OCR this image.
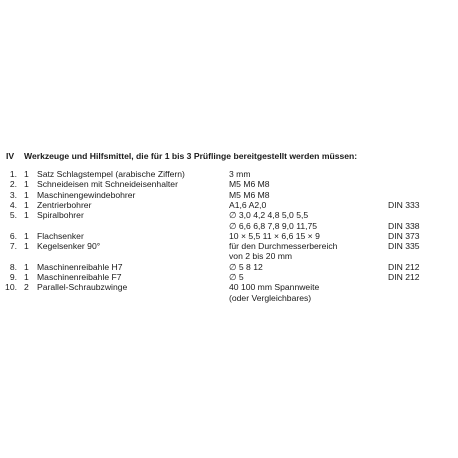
IV Werkzeuge und Hilfsmittel, die für 1 bis 3 Prüflinge bereitgestellt werden müssen:
1. 1 Satz Schlagstempel (arabische Ziffern)	3 mm
2. 1 Schneideisen mit Schneideisenhalter	M5 M6 M8
3. 1 Maschinengewindebohrer	M5 M6 M8
4. 1 Zentrierbohrer	A1,6 A2,0	DIN 333
5. 1 Spiralbohrer	∅ 3,0 4,2 4,8 5,0 5,5
∅ 6,6 6,8 7,8 9,0 11,75	DIN 338
6. 1 Flachsenker	10 × 5,5 11 × 6,6 15 × 9	DIN 373
7. 1 Kegelsenker 90°	für den Durchmesserbereich	DIN 335
von 2 bis 20 mm
8. 1 Maschinenreibahle H7	∅ 5 8 12	DIN 212
9. 1 Maschinenreibahle F7	∅ 5	DIN 212
10. 2 Parallel-Schraubzwinge	40 100 mm Spannweite
(oder Vergleichbares)
